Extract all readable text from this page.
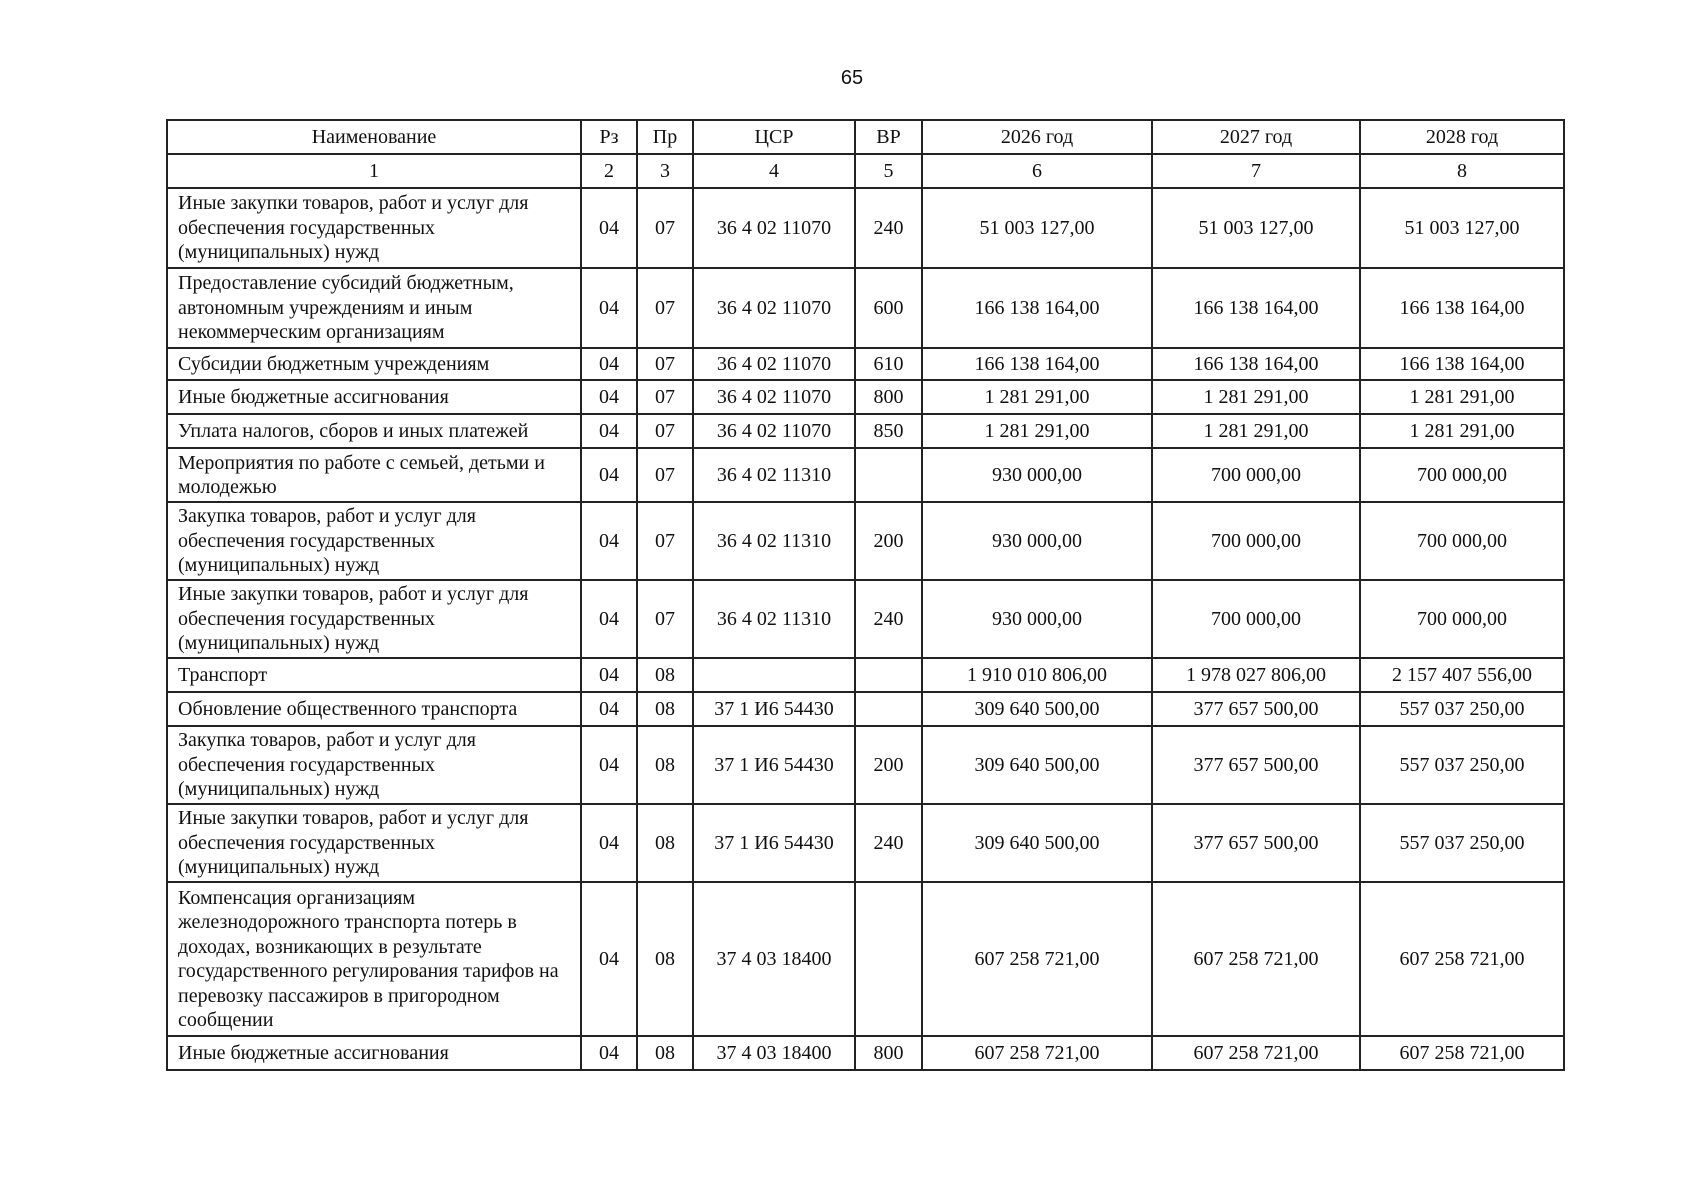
65
Наименование	Рз	Пр	ЦСР	ВР	2026 год	2027 год	2028 год
1	2	3	4	5	6	7	8
Иные закупки товаров, работ и услуг для обеспечения государственных (муниципальных) нужд	04	07	36 4 02 11070	240	51 003 127,00	51 003 127,00	51 003 127,00
Предоставление субсидий бюджетным, автономным учреждениям и иным некоммерческим организациям	04	07	36 4 02 11070	600	166 138 164,00	166 138 164,00	166 138 164,00
Субсидии бюджетным учреждениям	04	07	36 4 02 11070	610	166 138 164,00	166 138 164,00	166 138 164,00
Иные бюджетные ассигнования	04	07	36 4 02 11070	800	1 281 291,00	1 281 291,00	1 281 291,00
Уплата налогов, сборов и иных платежей	04	07	36 4 02 11070	850	1 281 291,00	1 281 291,00	1 281 291,00
Мероприятия по работе с семьей, детьми и молодежью	04	07	36 4 02 11310		930 000,00	700 000,00	700 000,00
Закупка товаров, работ и услуг для обеспечения государственных (муниципальных) нужд	04	07	36 4 02 11310	200	930 000,00	700 000,00	700 000,00
Иные закупки товаров, работ и услуг для обеспечения государственных (муниципальных) нужд	04	07	36 4 02 11310	240	930 000,00	700 000,00	700 000,00
Транспорт	04	08			1 910 010 806,00	1 978 027 806,00	2 157 407 556,00
Обновление общественного транспорта	04	08	37 1 И6 54430		309 640 500,00	377 657 500,00	557 037 250,00
Закупка товаров, работ и услуг для обеспечения государственных (муниципальных) нужд	04	08	37 1 И6 54430	200	309 640 500,00	377 657 500,00	557 037 250,00
Иные закупки товаров, работ и услуг для обеспечения государственных (муниципальных) нужд	04	08	37 1 И6 54430	240	309 640 500,00	377 657 500,00	557 037 250,00
Компенсация организациям железнодорожного транспорта потерь в доходах, возникающих в результате государственного регулирования тарифов на перевозку пассажиров в пригородном сообщении	04	08	37 4 03 18400		607 258 721,00	607 258 721,00	607 258 721,00
Иные бюджетные ассигнования	04	08	37 4 03 18400	800	607 258 721,00	607 258 721,00	607 258 721,00
